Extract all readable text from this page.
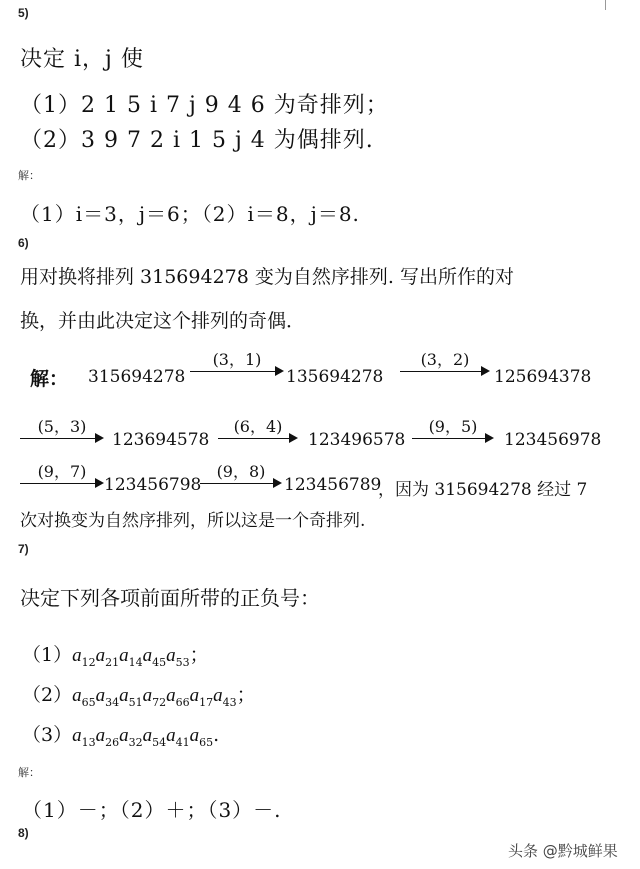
5)
决定 i，j 使
（1）2 1 5 i 7 j 9 4 6 为奇排列；
（2）3 9 7 2 i 1 5 j 4 为偶排列.
解：
（1）i＝3，j＝6；（2）i＝8，j＝8.
6)
用对换将排列 315694278 变为自然序排列. 写出所作的对
换，并由此决定这个排列的奇偶．
解： 315694278
(3，1)
135694278
(3，2)
125694378
(5，3)
123694578
(6，4)
123496578
(9，5)
123456978
(9，7)
123456798
(9，8)
123456789
，因为 315694278 经过 7
次对换变为自然序排列，所以这是一个奇排列.
7)
决定下列各项前面所带的正负号：
$(1)a_{12}a_{21}a_{14}a_{45}a_{53}$；
$(2)a_{65}a_{34}a_{51}a_{72}a_{66}a_{17}a_{43}$；
$(3)a_{13}a_{26}a_{32}a_{54}a_{41}a_{65}$.
解：
（1）－；（2）＋；（3）－.
8)
头条 @黔城鲜果
